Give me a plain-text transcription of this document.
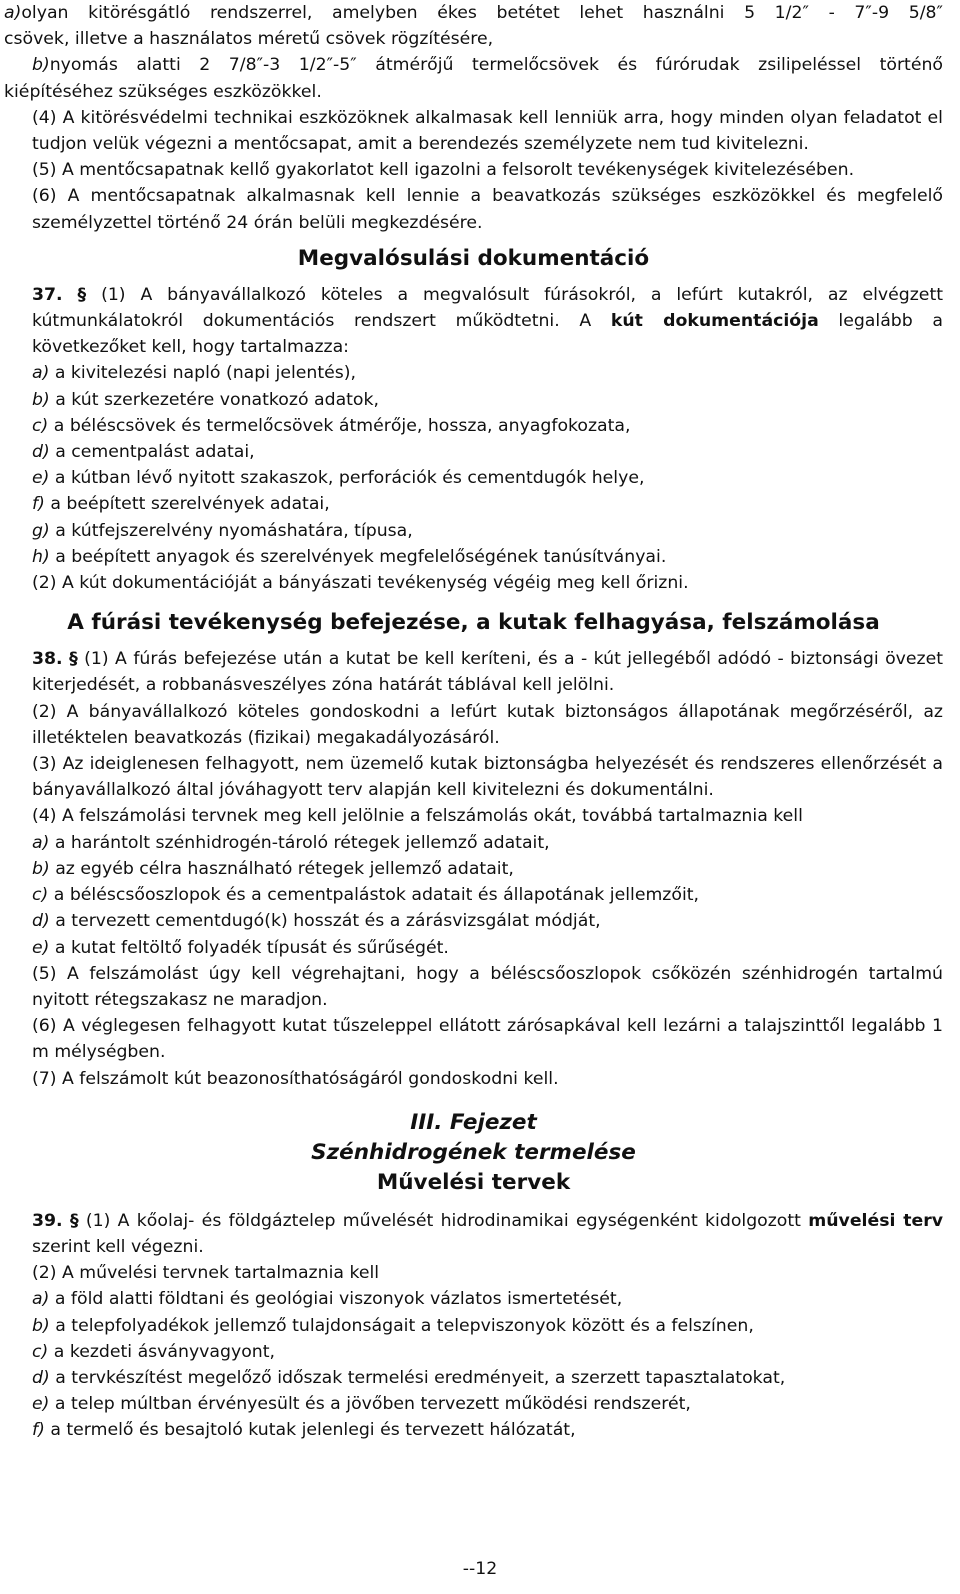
a)olyan kitörésgátló rendszerrel, amelyben ékes betétet lehet használni 5 1/2″ - 7″-9 5/8″

csövek, illetve a használatos méretű csövek rögzítésére,

b)nyomás alatti 2 7/8″-3 1/2″-5″ átmérőjű termelőcsövek és fúrórudak zsilipeléssel történő

kiépítéséhez szükséges eszközökkel.

(4) A kitörésvédelmi technikai eszközöknek alkalmasak kell lenniük arra, hogy minden olyan feladatot el tudjon velük végezni a mentőcsapat, amit a berendezés személyzete nem tud kivitelezni.

(5) A mentőcsapatnak kellő gyakorlatot kell igazolni a felsorolt tevékenységek kivitelezésében.

(6) A mentőcsapatnak alkalmasnak kell lennie a beavatkozás szükséges eszközökkel és megfelelő személyzettel történő 24 órán belüli megkezdésére.

Megvalósulási dokumentáció

37. § (1) A bányavállalkozó köteles a megvalósult fúrásokról, a lefúrt kutakról, az elvégzett kútmunkálatokról dokumentációs rendszert működtetni. A kút dokumentációja legalább a következőket kell, hogy tartalmazza:

a) a kivitelezési napló (napi jelentés),

b) a kút szerkezetére vonatkozó adatok,

c) a béléscsövek és termelőcsövek átmérője, hossza, anyagfokozata,

d) a cementpalást adatai,

e) a kútban lévő nyitott szakaszok, perforációk és cementdugók helye,

f) a beépített szerelvények adatai,

g) a kútfejszerelvény nyomáshatára, típusa,

h) a beépített anyagok és szerelvények megfelelőségének tanúsítványai.

(2) A kút dokumentációját a bányászati tevékenység végéig meg kell őrizni.

A fúrási tevékenység befejezése, a kutak felhagyása, felszámolása

38. § (1) A fúrás befejezése után a kutat be kell keríteni, és a - kút jellegéből adódó - biztonsági övezet kiterjedését, a robbanásveszélyes zóna határát táblával kell jelölni.

(2) A bányavállalkozó köteles gondoskodni a lefúrt kutak biztonságos állapotának megőrzéséről, az illetéktelen beavatkozás (fizikai) megakadályozásáról.

(3) Az ideiglenesen felhagyott, nem üzemelő kutak biztonságba helyezését és rendszeres ellenőrzését a bányavállalkozó által jóváhagyott terv alapján kell kivitelezni és dokumentálni.

(4) A felszámolási tervnek meg kell jelölnie a felszámolás okát, továbbá tartalmaznia kell

a) a harántolt szénhidrogén-tároló rétegek jellemző adatait,

b) az egyéb célra használható rétegek jellemző adatait,

c) a béléscsőoszlopok és a cementpalástok adatait és állapotának jellemzőit,

d) a tervezett cementdugó(k) hosszát és a zárásvizsgálat módját,

e) a kutat feltöltő folyadék típusát és sűrűségét.

(5) A felszámolást úgy kell végrehajtani, hogy a béléscsőoszlopok csőközén szénhidrogén tartalmú nyitott rétegszakasz ne maradjon.

(6) A véglegesen felhagyott kutat tűszeleppel ellátott zárósapkával kell lezárni a talajszinttől legalább 1 m mélységben.

(7) A felszámolt kút beazonosíthatóságáról gondoskodni kell.

III. Fejezet
Szénhidrogének termelése
Művelési tervek

39. § (1) A kőolaj- és földgáztelep művelését hidrodinamikai egységenként kidolgozott művelési terv szerint kell végezni.

(2) A művelési tervnek tartalmaznia kell

a) a föld alatti földtani és geológiai viszonyok vázlatos ismertetését,

b) a telepfolyadékok jellemző tulajdonságait a telepviszonyok között és a felszínen,

c) a kezdeti ásványvagyont,

d) a tervkészítést megelőző időszak termelési eredményeit, a szerzett tapasztalatokat,

e) a telep múltban érvényesült és a jövőben tervezett működési rendszerét,

f) a termelő és besajtoló kutak jelenlegi és tervezett hálózatát,

--12
